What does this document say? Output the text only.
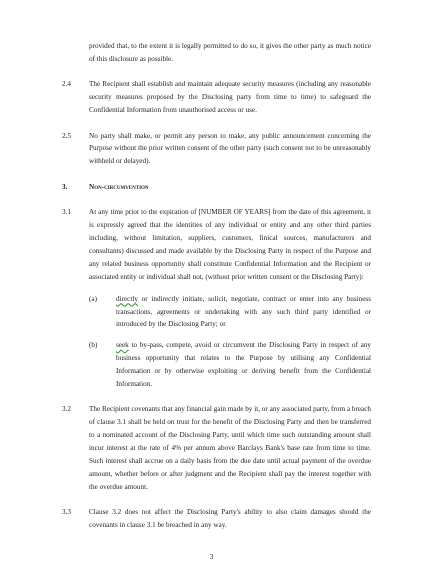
provided that, to the extent it is legally permitted to do so, it gives the other party as much notice of this disclosure as possible.

2.4	The Recipient shall establish and maintain adequate security measures (including any reasonable security measures proposed by the Disclosing party from time to time) to safeguard the Confidential Information from unauthorised access or use.
2.5	No party shall make, or permit any person to make, any public announcement concerning the Purpose without the prior written consent of the other party (such consent not to be unreasonably withheld or delayed).
3.	Non-circumvention
3.1	At any time prior to the expiration of [NUMBER OF YEARS] from the date of this agreement, it is expressly agreed that the identities of any individual or entity and any other third parties including, without limitation, suppliers, customers, finical sources, manufacturers and consultants) discussed and made available by the Disclosing Party in respect of the Purpose and any related business opportunity shall constitute Confidential Information and the Recipient or associated entity or individual shall not, (without prior written consent or the Disclosing Party):
(a)	directly or indirectly initiate, solicit, negotiate, contract or enter into any business transactions, agreements or undertaking with any such third party identified or introduced by the Disclosing Party; or
(b)	seek to by-pass, compete, avoid or circumvent the Disclosing Party in respect of any business opportunity that relates to the Purpose by utilising any Confidential Information or by otherwise exploiting or deriving benefit from the Confidential Information.
3.2	The Recipient covenants that any financial gain made by it, or any associated party, from a breach of clause 3.1 shall be held on trust for the benefit of the Disclosing Party and then be transferred to a nominated account of the Disclosing Party, until which time such outstanding amount shall incur interest at the rate of 4% per annum above Barclays Bank's base rate from time to time. Such interest shall accrue on a daily basis from the due date until actual payment of the overdue amount, whether before or after judgment and the Recipient shall pay the interest together with the overdue amount.
3.3	Clause 3.2 does not affect the Disclosing Party's ability to also claim damages should the covenants in clause 3.1 be breached in any way.
3
